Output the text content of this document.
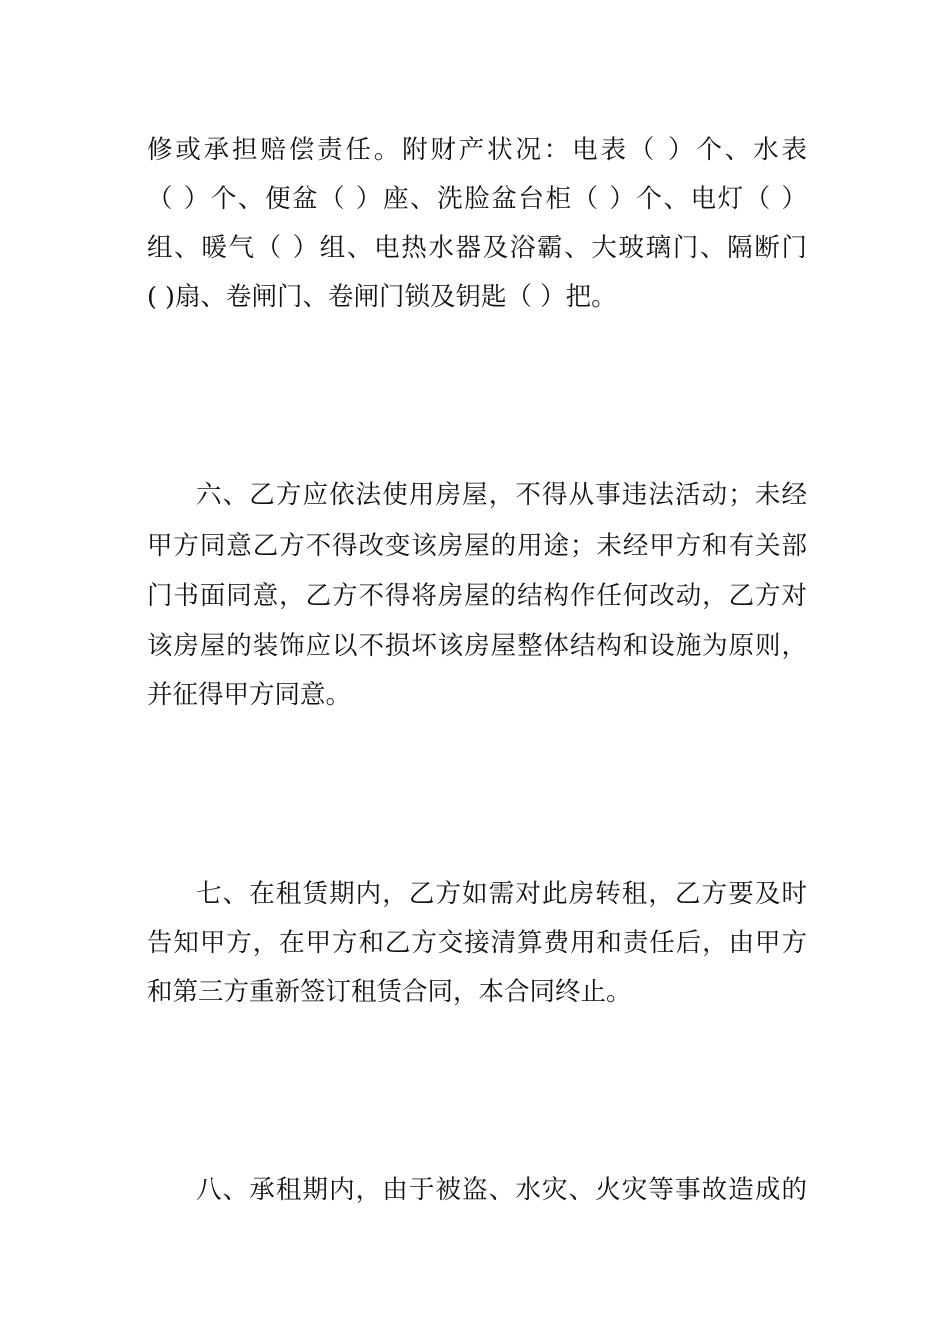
修或承担赔偿责任。附财产状况：电表（ ）个、水表
（ ）个、便盆（ ）座、洗脸盆台柜（ ）个、电灯（ ）
组、暖气（ ）组、电热水器及浴霸、大玻璃门、隔断门
( )扇、卷闸门、卷闸门锁及钥匙（ ）把。
六、乙方应依法使用房屋，不得从事违法活动；未经
甲方同意乙方不得改变该房屋的用途；未经甲方和有关部
门书面同意，乙方不得将房屋的结构作任何改动，乙方对
该房屋的装饰应以不损坏该房屋整体结构和设施为原则，
并征得甲方同意。
七、在租赁期内，乙方如需对此房转租，乙方要及时
告知甲方，在甲方和乙方交接清算费用和责任后，由甲方
和第三方重新签订租赁合同，本合同终止。
八、承租期内，由于被盗、水灾、火灾等事故造成的
